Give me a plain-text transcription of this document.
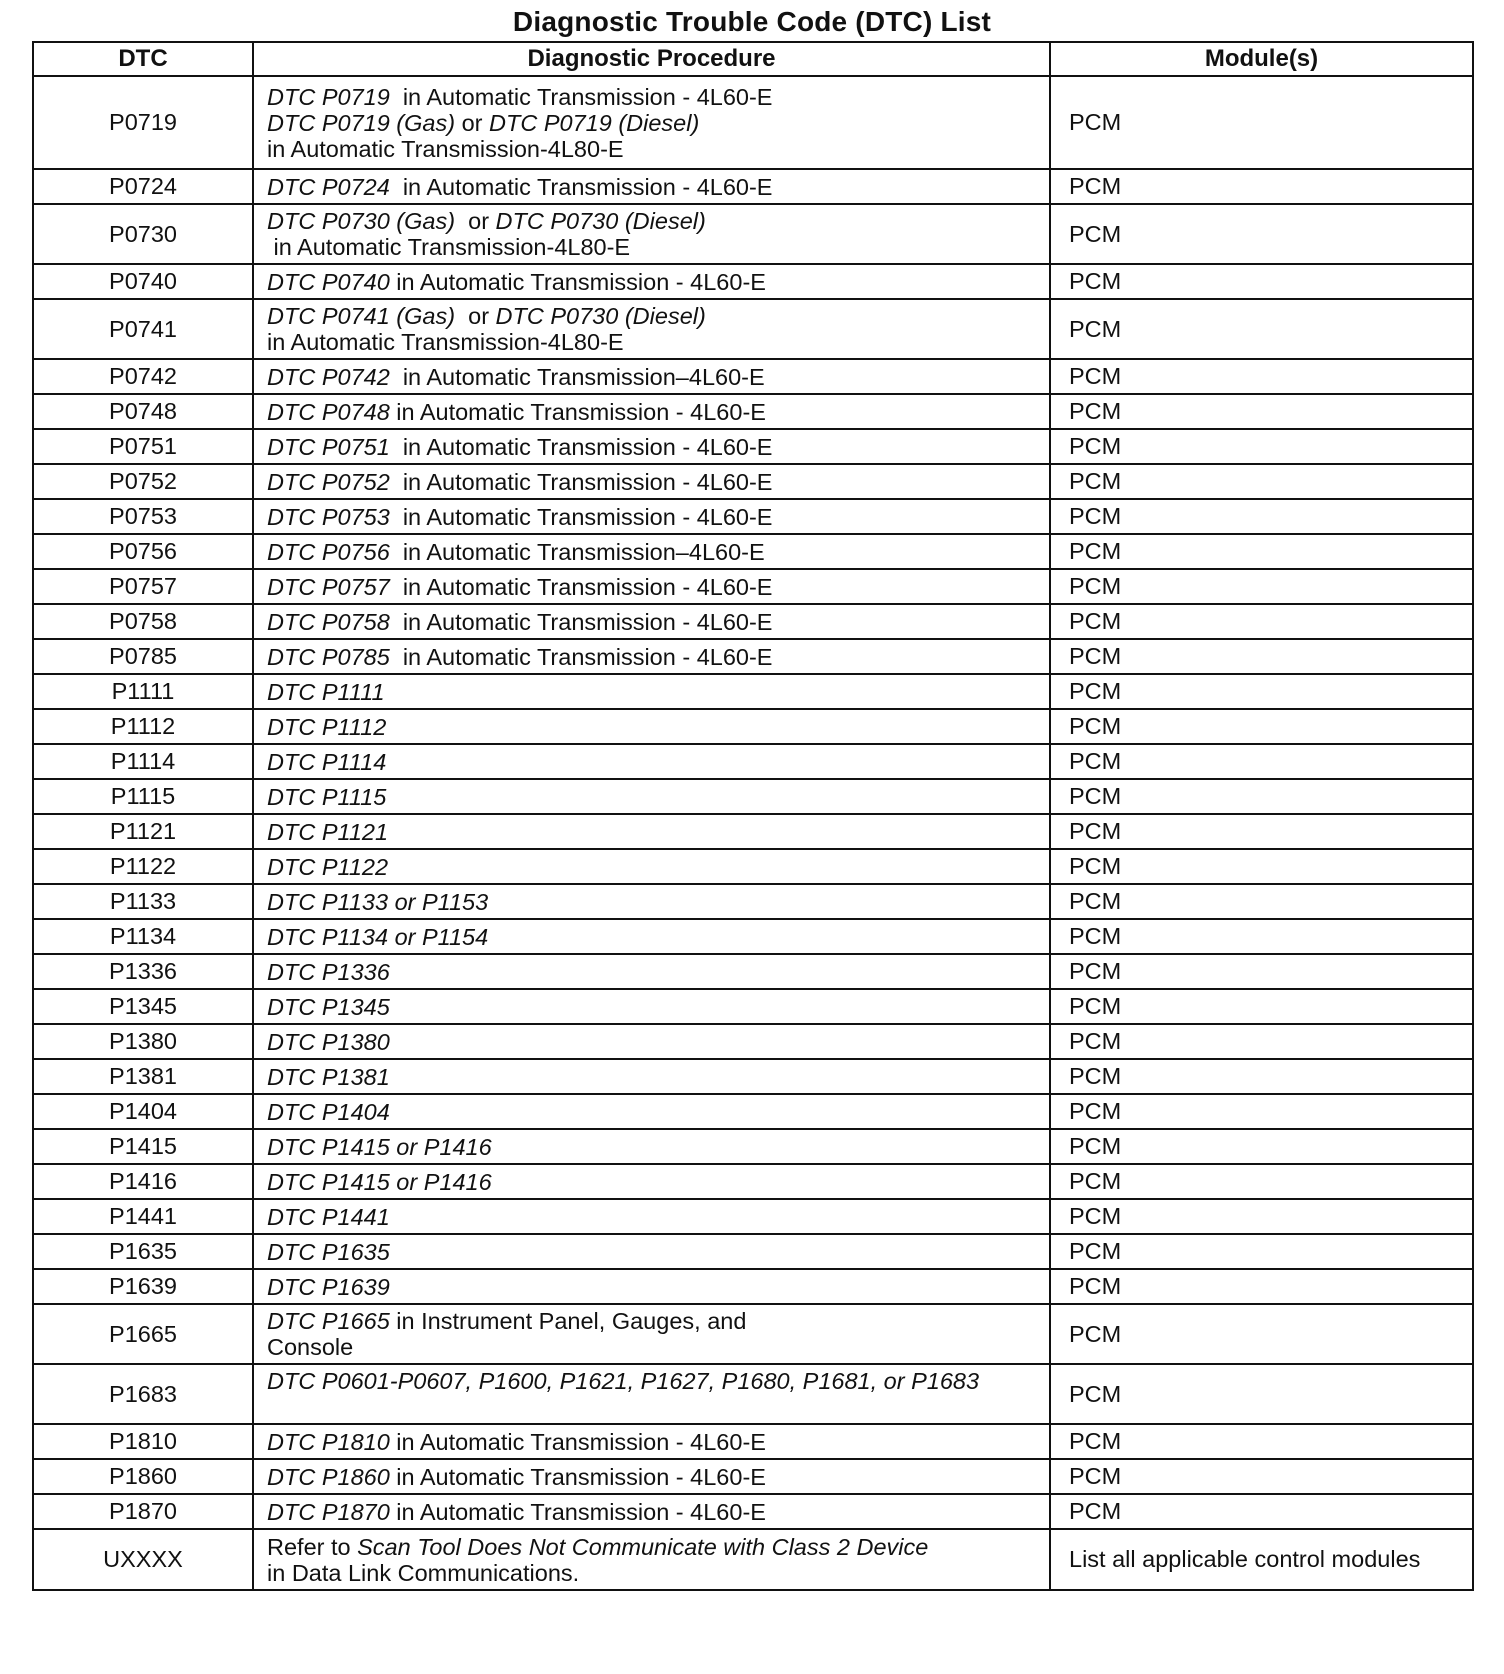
Diagnostic Trouble Code (DTC) List
DTC	Diagnostic Procedure	Module(s)
P0719	DTC P0719  in Automatic Transmission - 4L60-E
DTC P0719 (Gas) or DTC P0719 (Diesel)
in Automatic Transmission-4L80-E	PCM
P0724	DTC P0724  in Automatic Transmission - 4L60-E	PCM
P0730	DTC P0730 (Gas)  or DTC P0730 (Diesel)
in Automatic Transmission-4L80-E	PCM
P0740	DTC P0740 in Automatic Transmission - 4L60-E	PCM
P0741	DTC P0741 (Gas)  or DTC P0730 (Diesel)
in Automatic Transmission-4L80-E	PCM
P0742	DTC P0742  in Automatic Transmission–4L60-E	PCM
P0748	DTC P0748 in Automatic Transmission - 4L60-E	PCM
P0751	DTC P0751  in Automatic Transmission - 4L60-E	PCM
P0752	DTC P0752  in Automatic Transmission - 4L60-E	PCM
P0753	DTC P0753  in Automatic Transmission - 4L60-E	PCM
P0756	DTC P0756  in Automatic Transmission–4L60-E	PCM
P0757	DTC P0757  in Automatic Transmission - 4L60-E	PCM
P0758	DTC P0758  in Automatic Transmission - 4L60-E	PCM
P0785	DTC P0785  in Automatic Transmission - 4L60-E	PCM
P1111	DTC P1111	PCM
P1112	DTC P1112	PCM
P1114	DTC P1114	PCM
P1115	DTC P1115	PCM
P1121	DTC P1121	PCM
P1122	DTC P1122	PCM
P1133	DTC P1133 or P1153	PCM
P1134	DTC P1134 or P1154	PCM
P1336	DTC P1336	PCM
P1345	DTC P1345	PCM
P1380	DTC P1380	PCM
P1381	DTC P1381	PCM
P1404	DTC P1404	PCM
P1415	DTC P1415 or P1416	PCM
P1416	DTC P1415 or P1416	PCM
P1441	DTC P1441	PCM
P1635	DTC P1635	PCM
P1639	DTC P1639	PCM
P1665	DTC P1665 in Instrument Panel, Gauges, and
Console	PCM
P1683	DTC P0601-P0607, P1600, P1621, P1627, P1680, P1681, or P1683	PCM
P1810	DTC P1810 in Automatic Transmission - 4L60-E	PCM
P1860	DTC P1860 in Automatic Transmission - 4L60-E	PCM
P1870	DTC P1870 in Automatic Transmission - 4L60-E	PCM
UXXXX	Refer to Scan Tool Does Not Communicate with Class 2 Device
in Data Link Communications.	List all applicable control modules
